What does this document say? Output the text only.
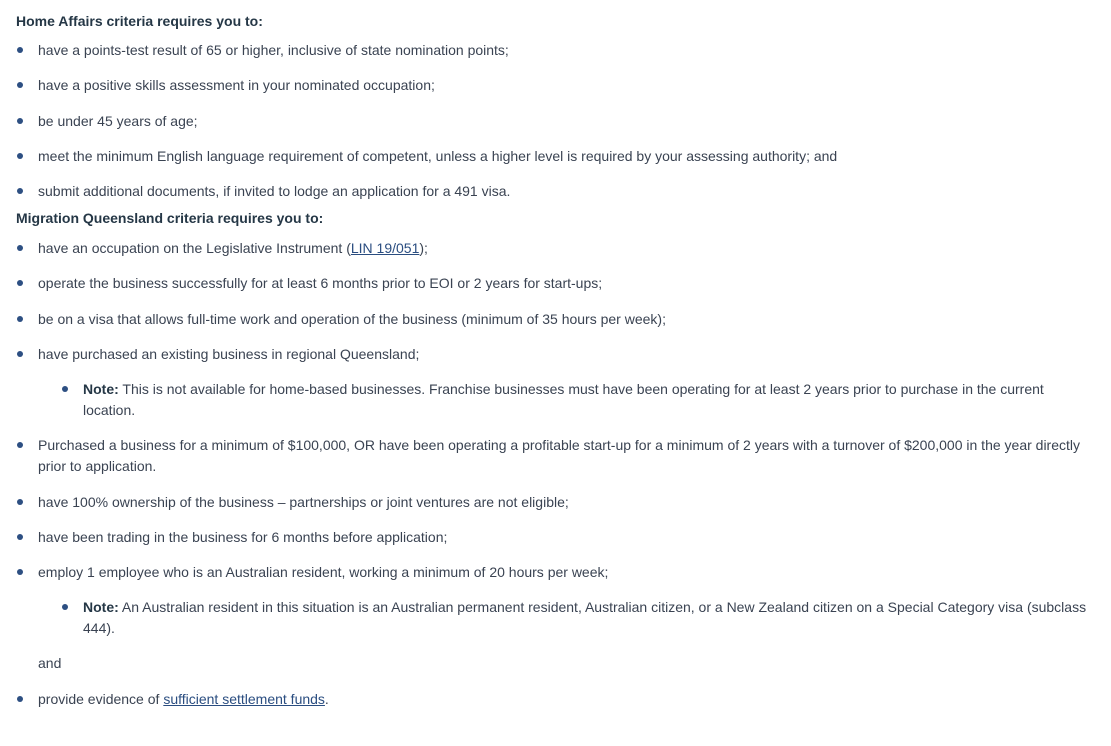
Home Affairs criteria requires you to:
have a points-test result of 65 or higher, inclusive of state nomination points;
have a positive skills assessment in your nominated occupation;
be under 45 years of age;
meet the minimum English language requirement of competent, unless a higher level is required by your assessing authority; and
submit additional documents, if invited to lodge an application for a 491 visa.
Migration Queensland criteria requires you to:
have an occupation on the Legislative Instrument (LIN 19/051);
operate the business successfully for at least 6 months prior to EOI or 2 years for start-ups;
be on a visa that allows full-time work and operation of the business (minimum of 35 hours per week);
have purchased an existing business in regional Queensland;
Note: This is not available for home-based businesses. Franchise businesses must have been operating for at least 2 years prior to purchase in the current location.
Purchased a business for a minimum of $100,000, OR have been operating a profitable start-up for a minimum of 2 years with a turnover of $200,000 in the year directly prior to application.
have 100% ownership of the business – partnerships or joint ventures are not eligible;
have been trading in the business for 6 months before application;
employ 1 employee who is an Australian resident, working a minimum of 20 hours per week;
Note: An Australian resident in this situation is an Australian permanent resident, Australian citizen, or a New Zealand citizen on a Special Category visa (subclass 444).
and
provide evidence of sufficient settlement funds.
